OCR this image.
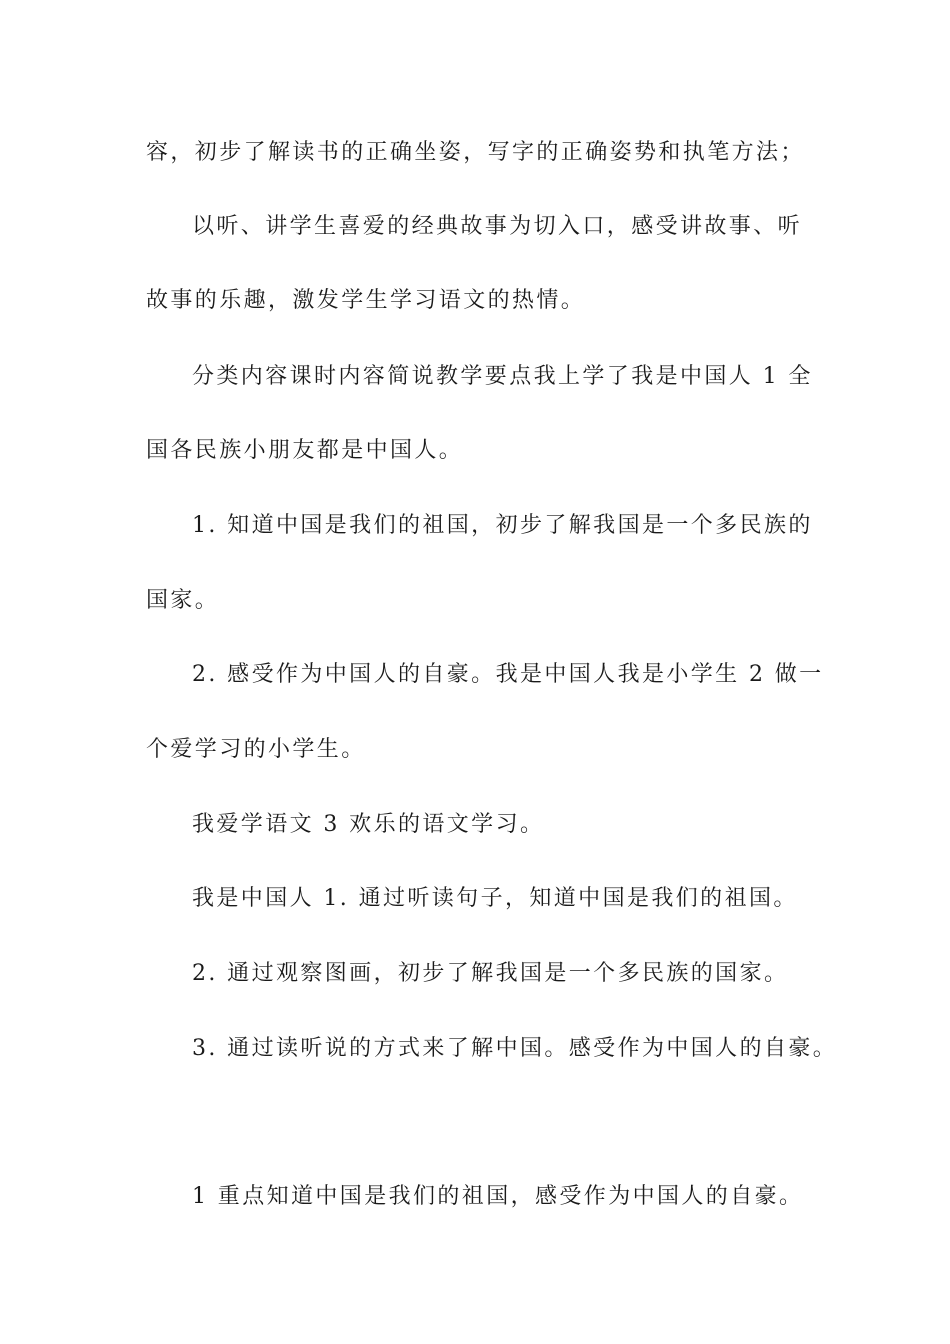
容，初步了解读书的正确坐姿，写字的正确姿势和执笔方法；
以听、讲学生喜爱的经典故事为切入口，感受讲故事、听
故事的乐趣，激发学生学习语文的热情。
分类内容课时内容简说教学要点我上学了我是中国人 1 全
国各民族小朋友都是中国人。
1. 知道中国是我们的祖国，初步了解我国是一个多民族的
国家。
2. 感受作为中国人的自豪。我是中国人我是小学生 2 做一
个爱学习的小学生。
我爱学语文 3 欢乐的语文学习。
我是中国人 1. 通过听读句子，知道中国是我们的祖国。
2. 通过观察图画，初步了解我国是一个多民族的国家。
3. 通过读听说的方式来了解中国。感受作为中国人的自豪。
1 重点知道中国是我们的祖国，感受作为中国人的自豪。
